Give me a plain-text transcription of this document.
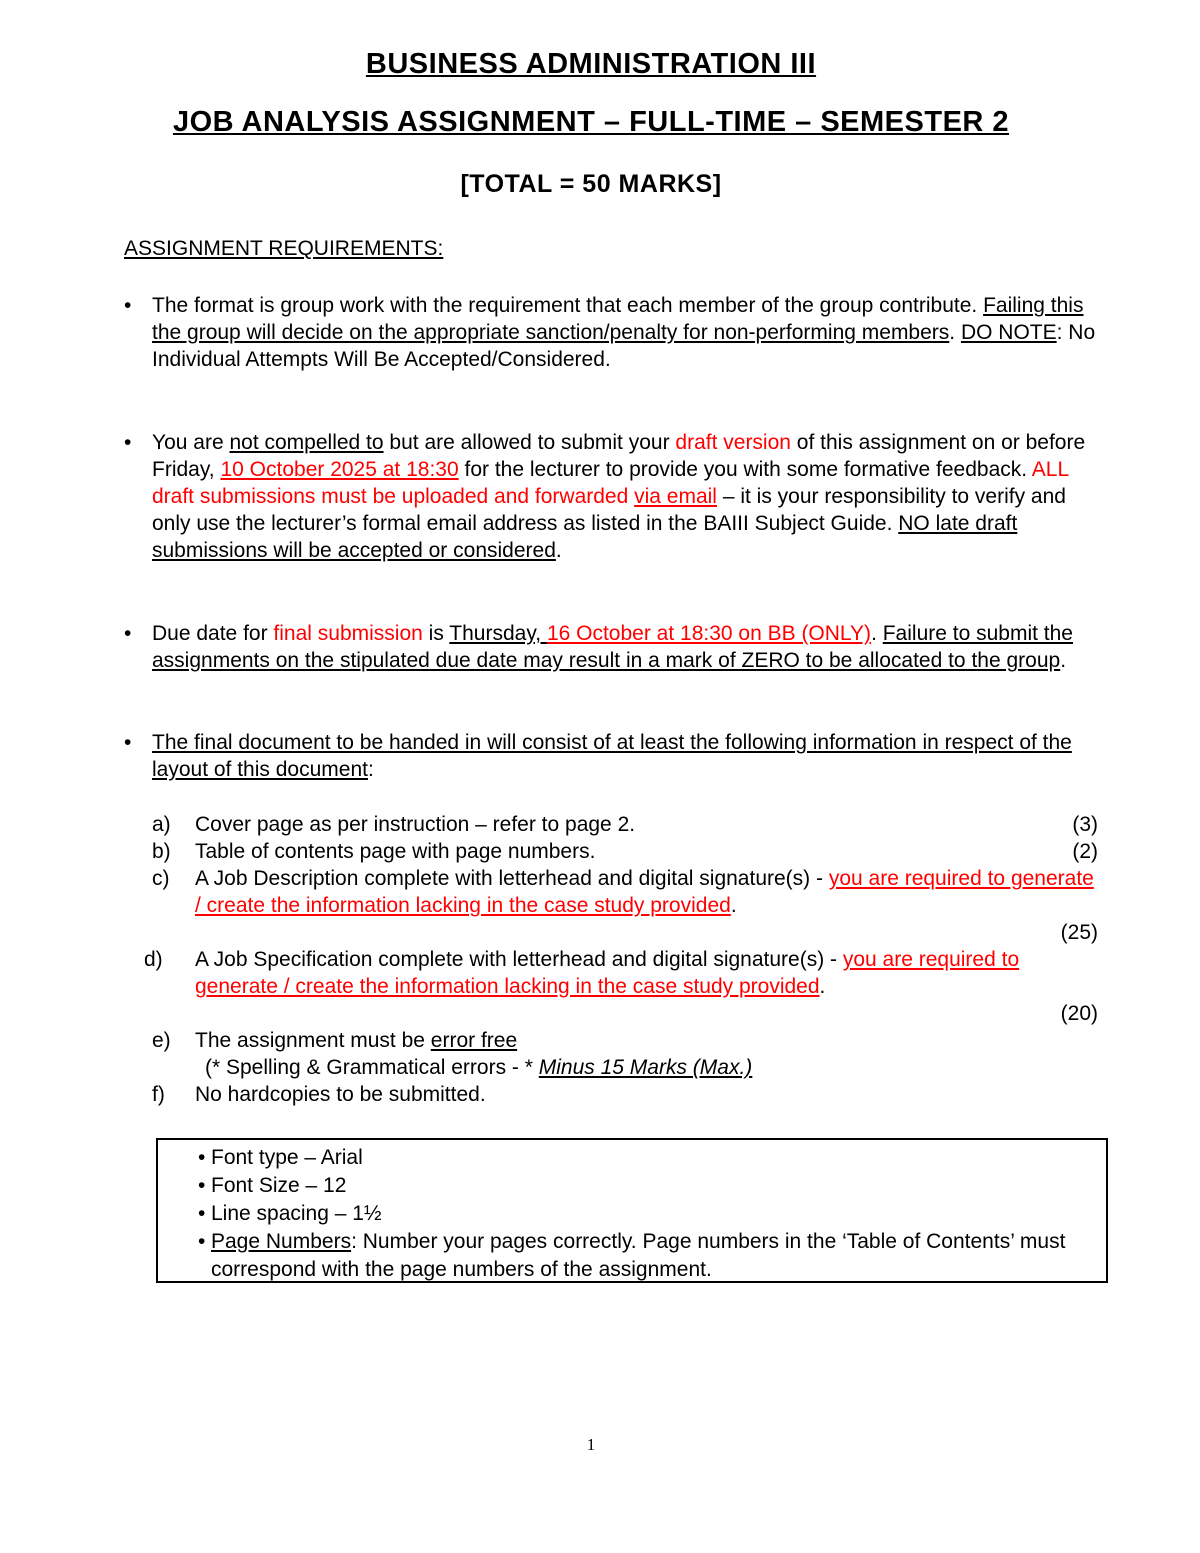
BUSINESS ADMINISTRATION III
JOB ANALYSIS ASSIGNMENT – FULL-TIME – SEMESTER 2
[TOTAL = 50 MARKS]
ASSIGNMENT REQUIREMENTS:
• The format is group work with the requirement that each member of the group contribute. Failing this the group will decide on the appropriate sanction/penalty for non-performing members. DO NOTE: No Individual Attempts Will Be Accepted/Considered.
• You are not compelled to but are allowed to submit your draft version of this assignment on or before Friday, 10 October 2025 at 18:30 for the lecturer to provide you with some formative feedback. ALL draft submissions must be uploaded and forwarded via email – it is your responsibility to verify and only use the lecturer’s formal email address as listed in the BAIII Subject Guide. NO late draft submissions will be accepted or considered.
• Due date for final submission is Thursday, 16 October at 18:30 on BB (ONLY). Failure to submit the assignments on the stipulated due date may result in a mark of ZERO to be allocated to the group.
• The final document to be handed in will consist of at least the following information in respect of the layout of this document:
a) Cover page as per instruction – refer to page 2.	(3)
b) Table of contents page with page numbers.	(2)
c) A Job Description complete with letterhead and digital signature(s) - you are required to generate / create the information lacking in the case study provided.
(25)
d) A Job Specification complete with letterhead and digital signature(s) - you are required to generate / create the information lacking in the case study provided.
(20)
e) The assignment must be error free
(* Spelling & Grammatical errors - * Minus 15 Marks (Max.)
f) No hardcopies to be submitted.
• Font type – Arial
• Font Size – 12
• Line spacing – 1½
• Page Numbers: Number your pages correctly. Page numbers in the ‘Table of Contents’ must correspond with the page numbers of the assignment.
1
